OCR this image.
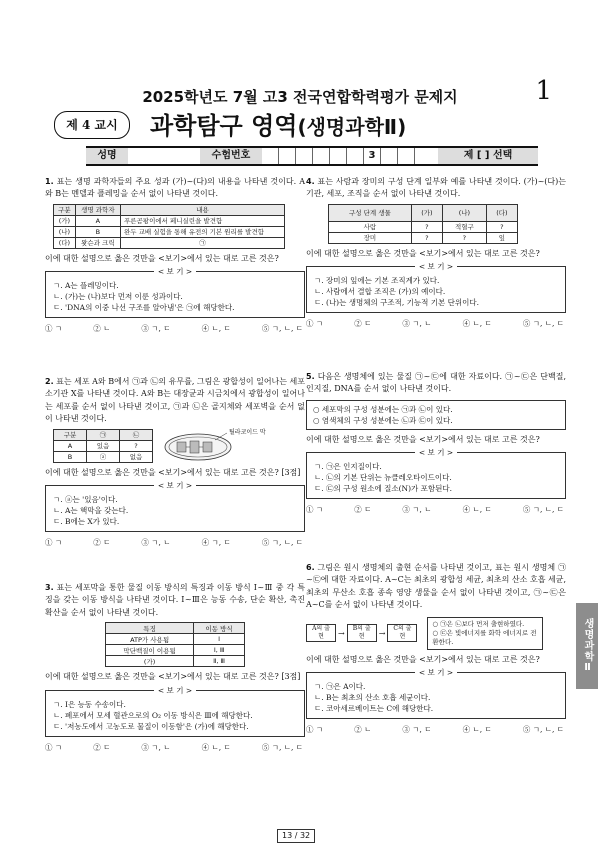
2025학년도 7월 고3 전국연합학력평가 문제지	1
제 4 교시	과학탐구 영역(생명과학Ⅱ)
성명	수험번호	3	제 [ ] 선택
1. 표는 생명 과학자들의 주요 성과 (가)~(다)의 내용을 나타낸 것이다. A와 B는 멘델과 플레밍을 순서 없이 나타낸 것이다.
구분	생명 과학자	내용
(가)	A	푸른곰팡이에서 페니실린을 발견함
(나)	B	완두 교배 실험을 통해 유전의 기본 원리를 발견함
(다)	왓슨과 크릭	㉠
이에 대한 설명으로 옳은 것만을 <보기>에서 있는 대로 고른 것은?
< 보 기 >
ㄱ. A는 플레밍이다.
ㄴ. (가)는 (나)보다 먼저 이룬 성과이다.
ㄷ. 'DNA의 이중 나선 구조를 알아냄'은 ㉠에 해당한다.
① ㄱ	② ㄴ	③ ㄱ, ㄷ	④ ㄴ, ㄷ	⑤ ㄱ, ㄴ, ㄷ
2. 표는 세포 A와 B에서 ㉠과 ㉡의 유무를, 그림은 광합성이 일어나는 세포 소기관 X를 나타낸 것이다. A와 B는 대장균과 시금치에서 광합성이 일어나는 세포를 순서 없이 나타낸 것이고, ㉠과 ㉡은 골지체와 세포벽을 순서 없이 나타낸 것이다.
구분	㉠	㉡
A	있음	?
B	ⓐ	없음
틸라코이드 막
이에 대한 설명으로 옳은 것만을 <보기>에서 있는 대로 고른 것은? [3점]
< 보 기 >
ㄱ. ⓐ는 '있음'이다.
ㄴ. A는 핵막을 갖는다.
ㄷ. B에는 X가 있다.
① ㄱ	② ㄷ	③ ㄱ, ㄴ	④ ㄱ, ㄷ	⑤ ㄱ, ㄴ, ㄷ
3. 표는 세포막을 통한 물질 이동 방식의 특징과 이동 방식 Ⅰ~Ⅲ 중 각 특징을 갖는 이동 방식을 나타낸 것이다. Ⅰ~Ⅲ은 능동 수송, 단순 확산, 촉진 확산을 순서 없이 나타낸 것이다.
특징	이동 방식
ATP가 사용됨	Ⅰ
막단백질이 이용됨	Ⅰ, Ⅲ
(가)	Ⅱ, Ⅲ
이에 대한 설명으로 옳은 것만을 <보기>에서 있는 대로 고른 것은? [3점]
< 보 기 >
ㄱ. Ⅰ은 능동 수송이다.
ㄴ. 폐포에서 모세 혈관으로의 O₂ 이동 방식은 Ⅲ에 해당한다.
ㄷ. '저농도에서 고농도로 물질이 이동함'은 (가)에 해당한다.
① ㄱ	② ㄷ	③ ㄱ, ㄴ	④ ㄴ, ㄷ	⑤ ㄱ, ㄴ, ㄷ
4. 표는 사람과 장미의 구성 단계 일부와 예를 나타낸 것이다. (가)~(다)는 기관, 세포, 조직을 순서 없이 나타낸 것이다.
구성 단계 생물	(가)	(나)	(다)
사람	?	적혈구	?
장미	?	?	잎
이에 대한 설명으로 옳은 것만을 <보기>에서 있는 대로 고른 것은?
< 보 기 >
ㄱ. 장미의 잎에는 기본 조직계가 있다.
ㄴ. 사람에서 결합 조직은 (가)의 예이다.
ㄷ. (나)는 생명체의 구조적, 기능적 기본 단위이다.
① ㄱ	② ㄷ	③ ㄱ, ㄴ	④ ㄴ, ㄷ	⑤ ㄱ, ㄴ, ㄷ
5. 다음은 생명체에 있는 물질 ㉠~㉢에 대한 자료이다. ㉠~㉢은 단백질, 인지질, DNA를 순서 없이 나타낸 것이다.
○ 세포막의 구성 성분에는 ㉠과 ㉡이 있다.
○ 염색체의 구성 성분에는 ㉡과 ㉢이 있다.
이에 대한 설명으로 옳은 것만을 <보기>에서 있는 대로 고른 것은?
< 보 기 >
ㄱ. ㉠은 인지질이다.
ㄴ. ㉡의 기본 단위는 뉴클레오타이드이다.
ㄷ. ㉢의 구성 원소에 질소(N)가 포함된다.
① ㄱ	② ㄷ	③ ㄱ, ㄴ	④ ㄴ, ㄷ	⑤ ㄱ, ㄴ, ㄷ
6. 그림은 원시 생명체의 출현 순서를 나타낸 것이고, 표는 원시 생명체 ㉠~㉢에 대한 자료이다. A~C는 최초의 광합성 세균, 최초의 산소 호흡 세균, 최초의 무산소 호흡 종속 영양 생물을 순서 없이 나타낸 것이고, ㉠~㉢은 A~C를 순서 없이 나타낸 것이다.
A의 출현	→	B의 출현	→	C의 출현
○ ㉠은 ㉡보다 먼저 출현하였다.
○ ㉢은 빛에너지를 화학 에너지로 전환한다.
이에 대한 설명으로 옳은 것만을 <보기>에서 있는 대로 고른 것은?
< 보 기 >
ㄱ. ㉠은 A이다.
ㄴ. B는 최초의 산소 호흡 세균이다.
ㄷ. 코아세르베이트는 C에 해당한다.
① ㄱ	② ㄴ	③ ㄱ, ㄷ	④ ㄴ, ㄷ	⑤ ㄱ, ㄴ, ㄷ
생명과학Ⅱ
13 / 32
